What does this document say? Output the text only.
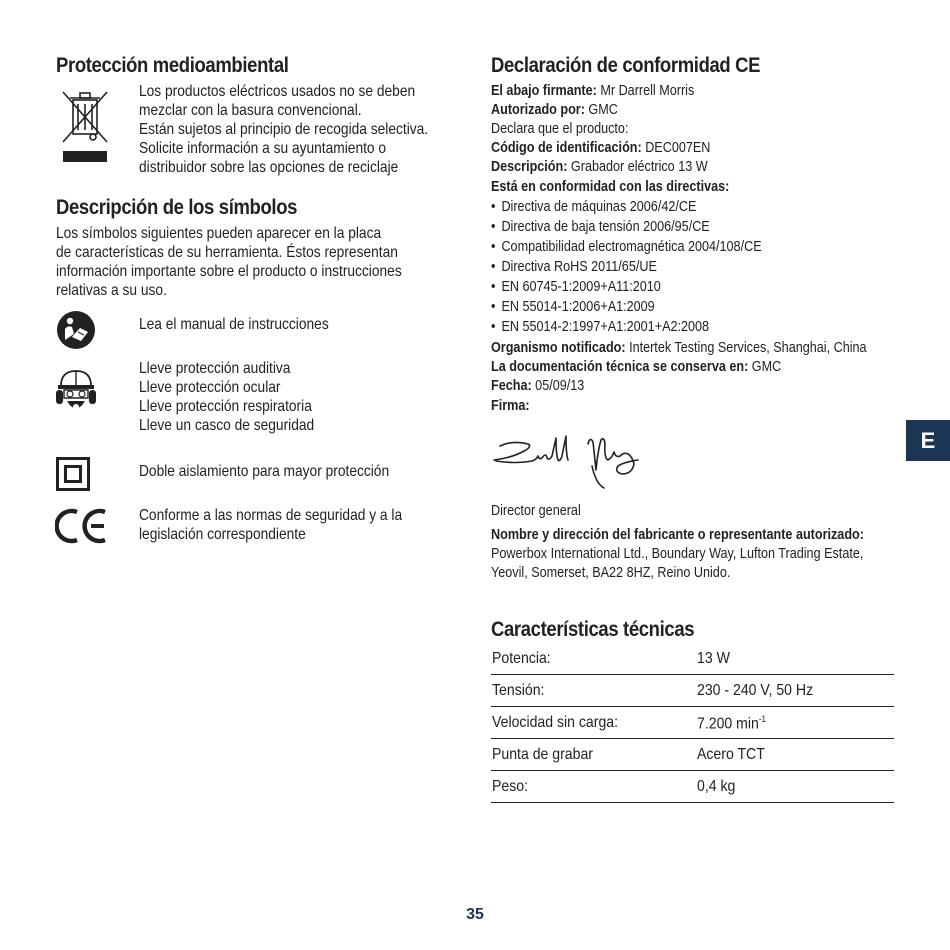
Protección medioambiental
Los productos eléctricos usados no se deben
mezclar con la basura convencional.
Están sujetos al principio de recogida selectiva.
Solicite información a su ayuntamiento o
distribuidor sobre las opciones de reciclaje
Descripción de los símbolos
Los símbolos siguientes pueden aparecer en la placa
de características de su herramienta. Éstos representan
información importante sobre el producto o instrucciones
relativas a su uso.
Lea el manual de instrucciones
Lleve protección auditiva
Lleve protección ocular
Lleve protección respiratoria
Lleve un casco de seguridad
Doble aislamiento para mayor protección
Conforme a las normas de seguridad y a la
legislación correspondiente
Declaración de conformidad CE
El abajo firmante: Mr Darrell Morris
Autorizado por: GMC
Declara que el producto:
Código de identificación: DEC007EN
Descripción: Grabador eléctrico 13 W
Está en conformidad con las directivas:
• Directiva de máquinas 2006/42/CE
• Directiva de baja tensión 2006/95/CE
• Compatibilidad electromagnética 2004/108/CE
• Directiva RoHS 2011/65/UE
• EN 60745-1:2009+A11:2010
• EN 55014-1:2006+A1:2009
• EN 55014-2:1997+A1:2001+A2:2008
Organismo notificado: Intertek Testing Services, Shanghai, China
La documentación técnica se conserva en: GMC
Fecha: 05/09/13
Firma:
Director general
Nombre y dirección del fabricante o representante autorizado:
Powerbox International Ltd., Boundary Way, Lufton Trading Estate,
Yeovil, Somerset, BA22 8HZ, Reino Unido.
Características técnicas
Potencia:	13 W
Tensión:	230 - 240 V, 50 Hz
Velocidad sin carga:	7.200 $\min^{-1}$
Punta de grabar	Acero TCT
Peso:	0,4 kg
E
35
